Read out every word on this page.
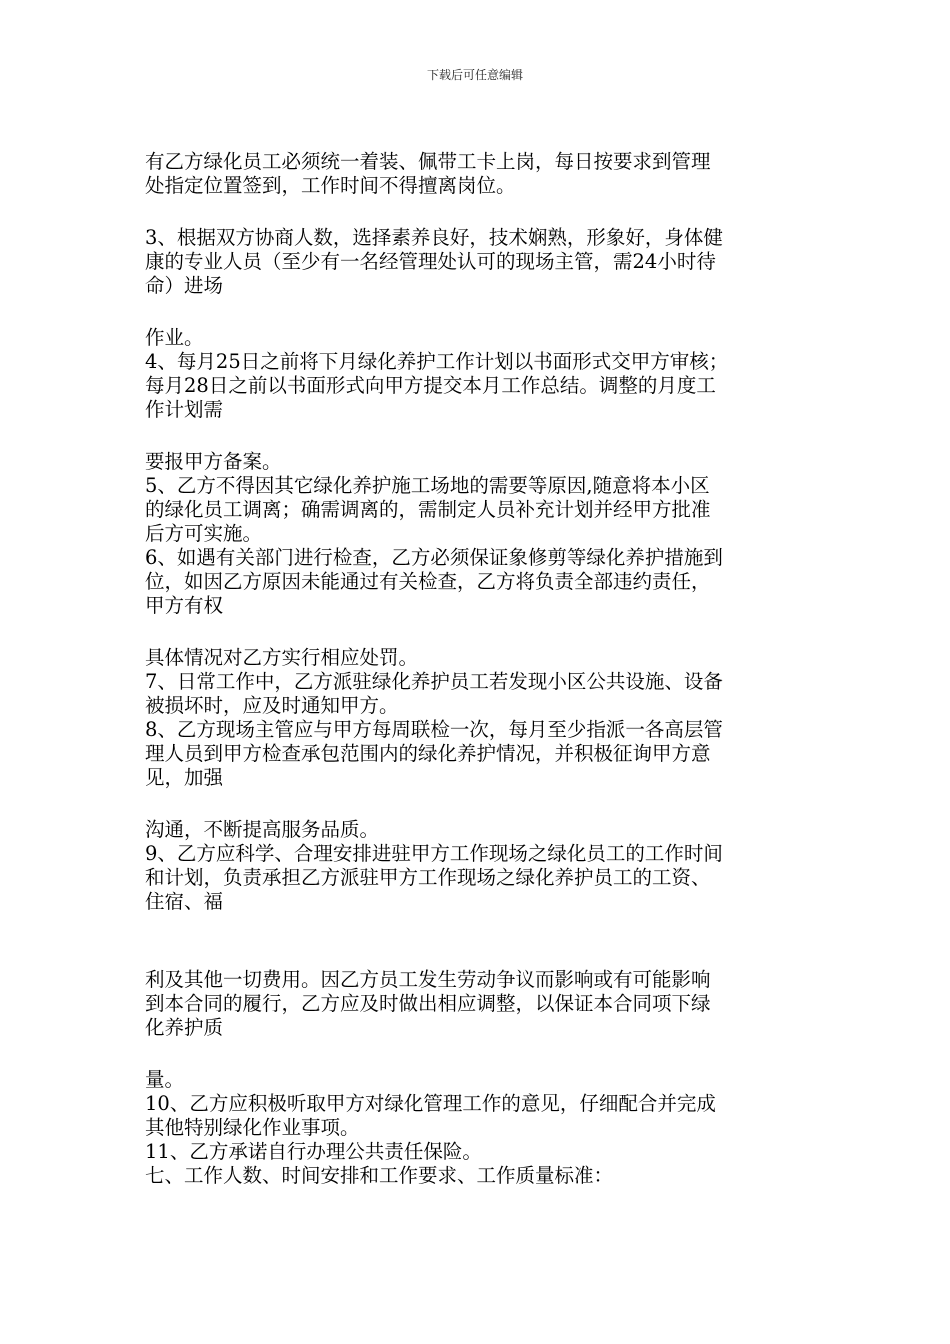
下载后可任意编辑
有乙方绿化员工必须统一着装、佩带工卡上岗，每日按要求到管理
处指定位置签到，工作时间不得擅离岗位。
3、根据双方协商人数，选择素养良好，技术娴熟，形象好，身体健
康的专业人员（至少有一名经管理处认可的现场主管，需24小时待
命）进场
作业。
4、每月25日之前将下月绿化养护工作计划以书面形式交甲方审核；
每月28日之前以书面形式向甲方提交本月工作总结。调整的月度工
作计划需
要报甲方备案。
5、乙方不得因其它绿化养护施工场地的需要等原因,随意将本小区
的绿化员工调离；确需调离的，需制定人员补充计划并经甲方批准
后方可实施。
6、如遇有关部门进行检查，乙方必须保证象修剪等绿化养护措施到
位，如因乙方原因未能通过有关检查，乙方将负责全部违约责任，
甲方有权
具体情况对乙方实行相应处罚。
7、日常工作中，乙方派驻绿化养护员工若发现小区公共设施、设备
被损坏时，应及时通知甲方。
8、乙方现场主管应与甲方每周联检一次，每月至少指派一各高层管
理人员到甲方检查承包范围内的绿化养护情况，并积极征询甲方意
见，加强
沟通，不断提高服务品质。
9、乙方应科学、合理安排进驻甲方工作现场之绿化员工的工作时间
和计划，负责承担乙方派驻甲方工作现场之绿化养护员工的工资、
住宿、福
利及其他一切费用。因乙方员工发生劳动争议而影响或有可能影响
到本合同的履行，乙方应及时做出相应调整，以保证本合同项下绿
化养护质
量。
10、乙方应积极听取甲方对绿化管理工作的意见，仔细配合并完成
其他特别绿化作业事项。
11、乙方承诺自行办理公共责任保险。
七、工作人数、时间安排和工作要求、工作质量标准：
